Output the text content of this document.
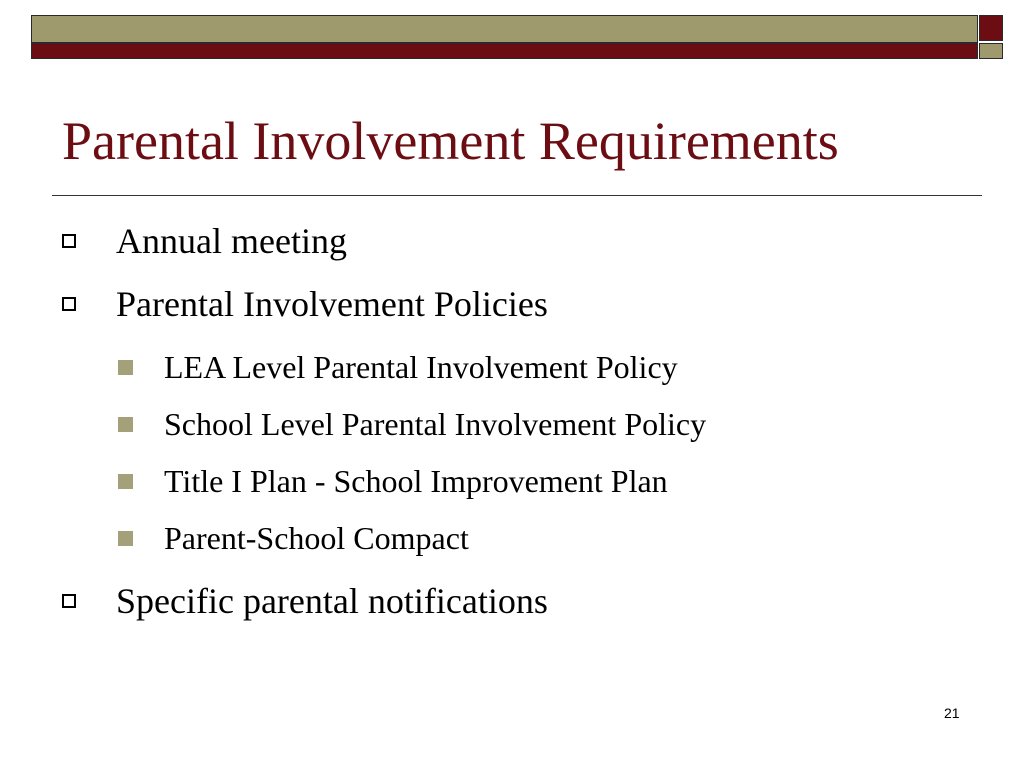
Parental Involvement Requirements
Annual meeting
Parental Involvement Policies
LEA Level Parental Involvement Policy
School Level Parental Involvement Policy
Title I Plan - School Improvement Plan
Parent-School Compact
Specific parental notifications
21
